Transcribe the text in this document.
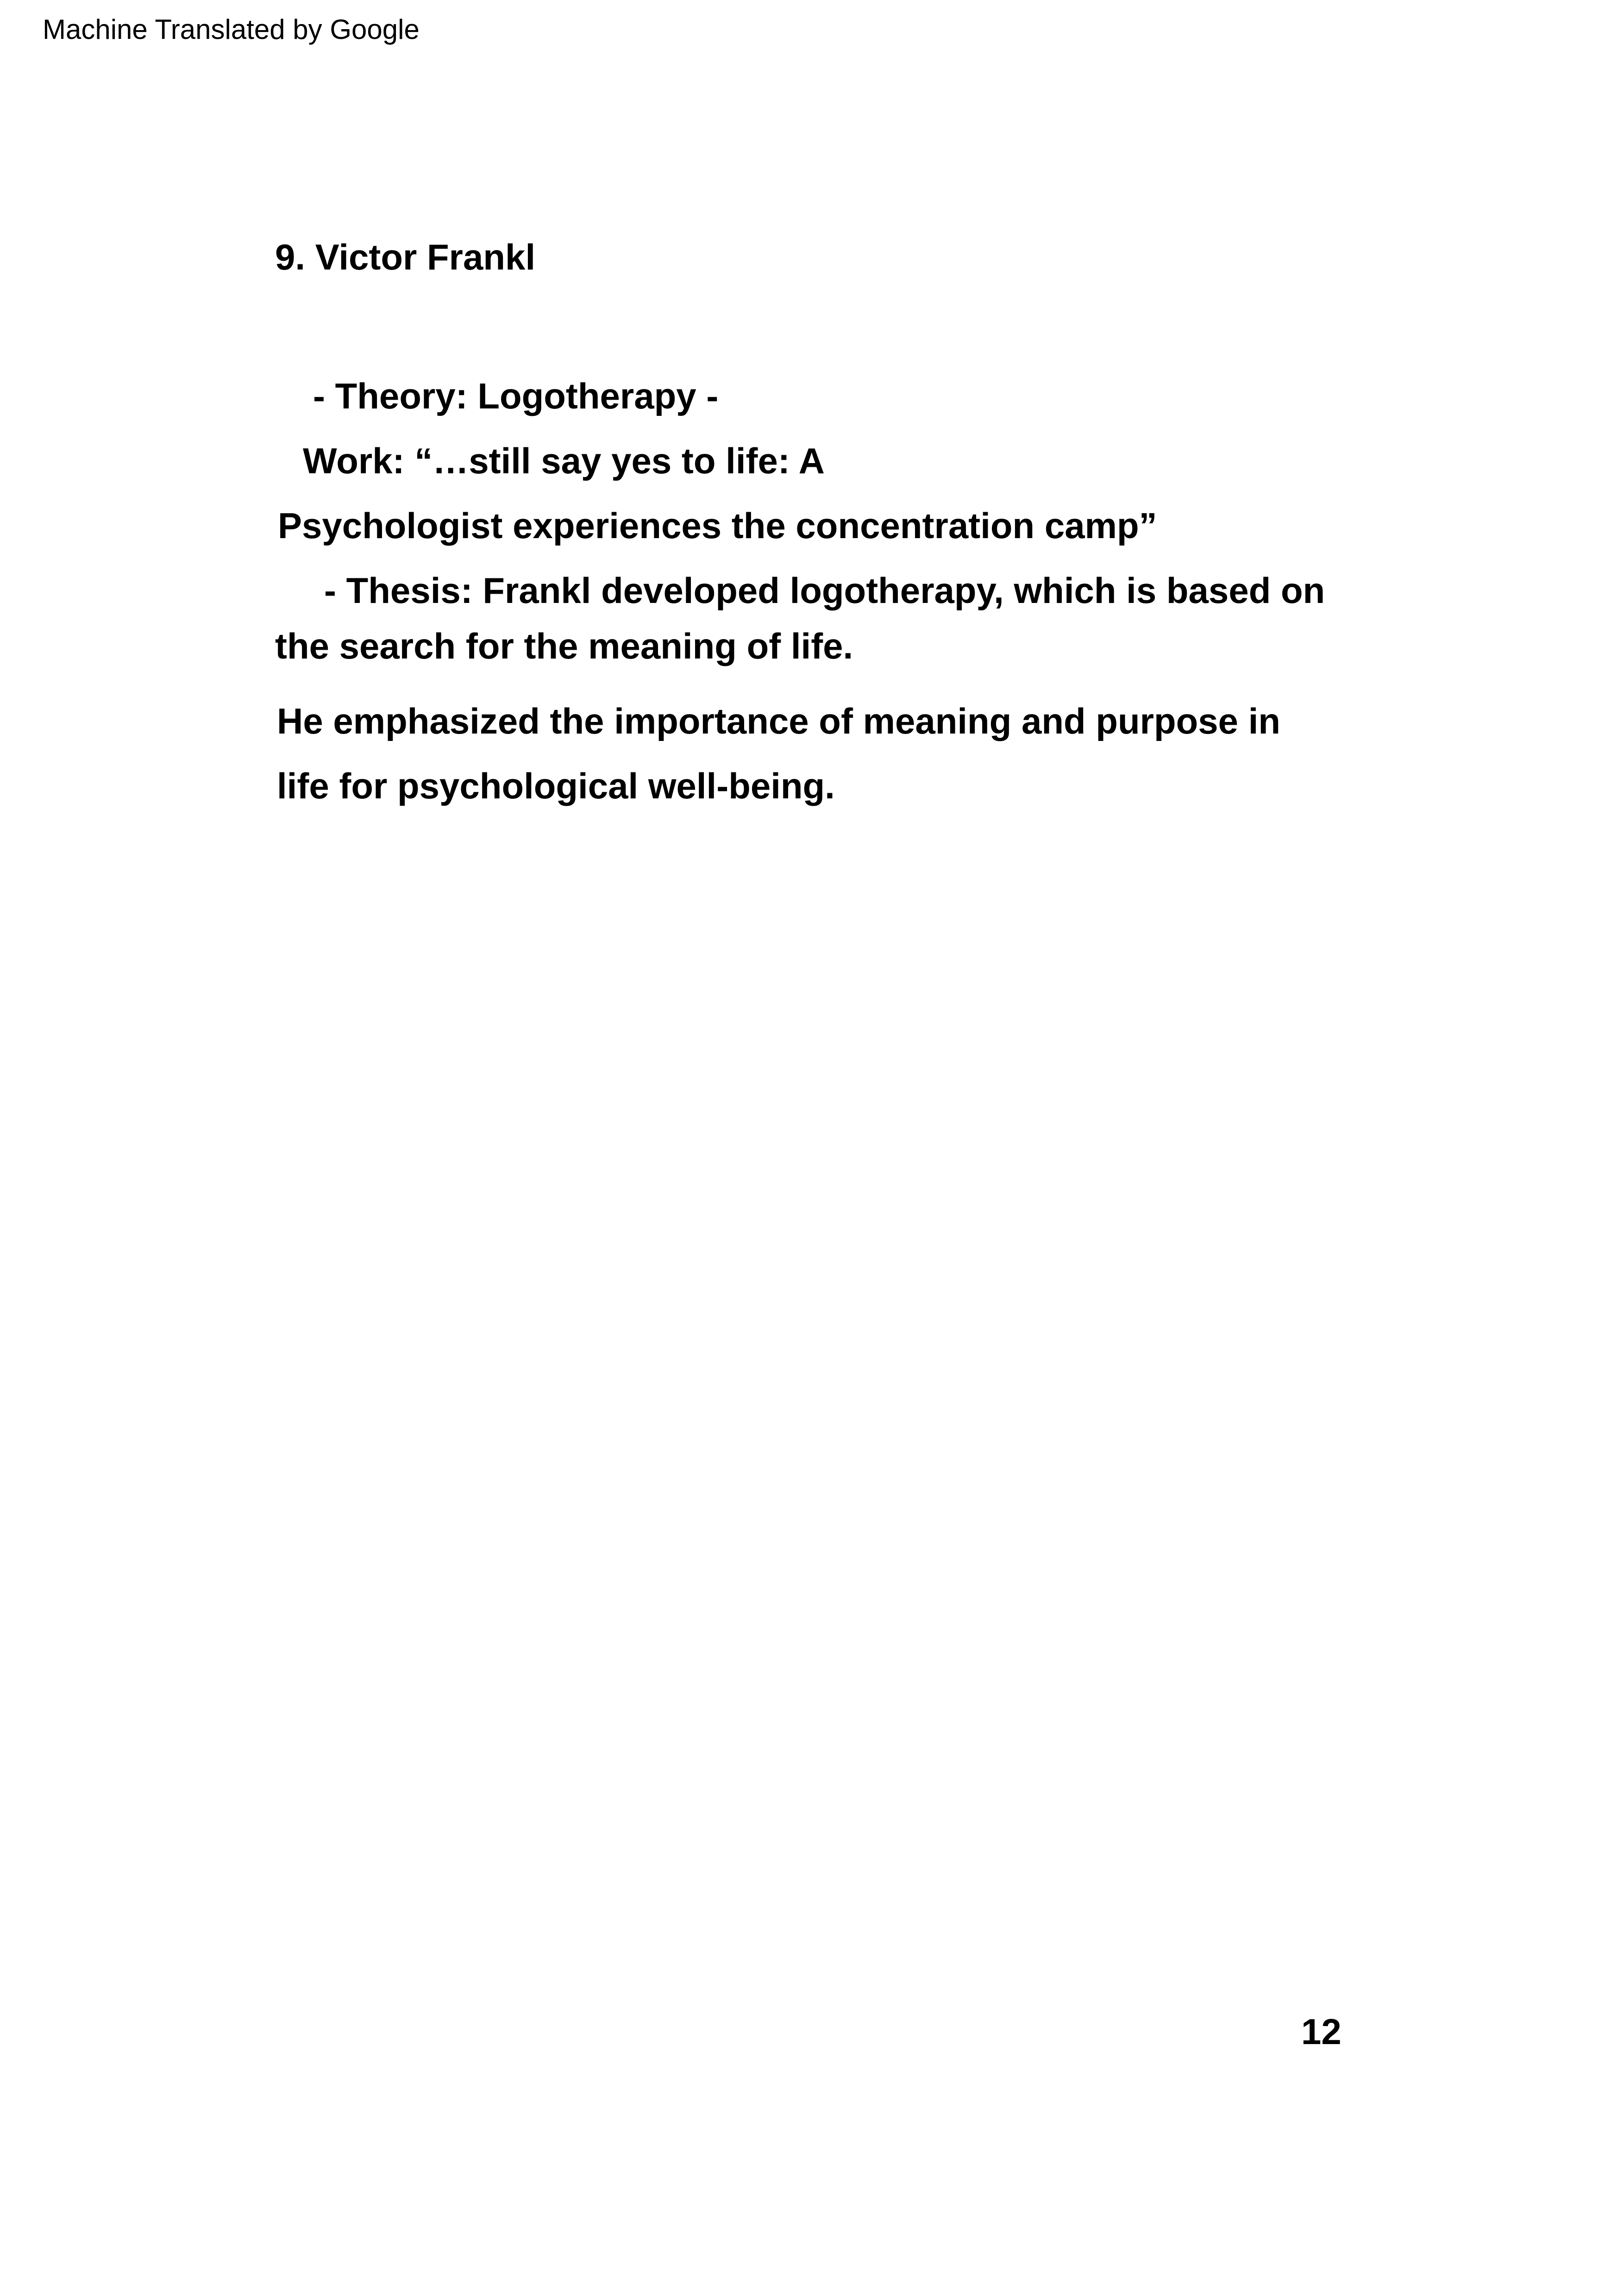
Machine Translated by Google
9. Victor Frankl
- Theory: Logotherapy -
Work: “…still say yes to life: A
Psychologist experiences the concentration camp”
- Thesis: Frankl developed logotherapy, which is based on
the search for the meaning of life.
He emphasized the importance of meaning and purpose in
life for psychological well-being.
12
